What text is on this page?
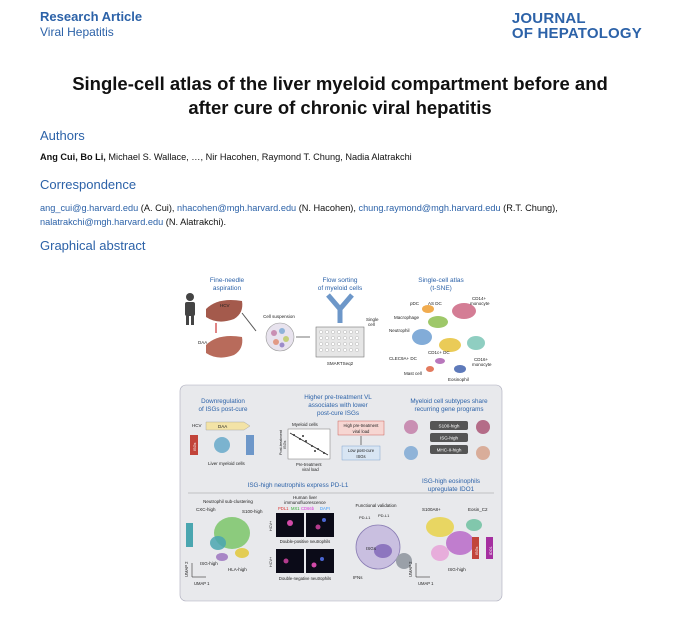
Research Article
Viral Hepatitis
JOURNAL
OF HEPATOLOGY
Single-cell atlas of the liver myeloid compartment before and
after cure of chronic viral hepatitis
Authors
Ang Cui, Bo Li, Michael S. Wallace, …, Nir Hacohen, Raymond T. Chung, Nadia Alatrakchi
Correspondence
ang_cui@g.harvard.edu (A. Cui), nhacohen@mgh.harvard.edu (N. Hacohen), chung.raymond@mgh.harvard.edu (R.T. Chung), nalatrakchi@mgh.harvard.edu (N. Alatrakchi).
Graphical abstract
Fine-needle
aspiration
HCV
DAA
Cell suspension
Flow sorting
of myeloid cells
Single
cell
SMARTSeq2
Single-cell atlas
(t-SNE)
pDC AS DC
CD14+
monocyte
Macrophage
Neutrophil
CD1c+ DC
CLEC9A+ DC	CD16+
monocyte
Mast cell
Eosinophil
Downregulation
of ISGs post-cure
HCV	DAA
ISGs
Liver myeloid cells
Higher pre-treatment VL
associates with lower
post-cure ISGs
Myeloid cells
Post-treatment ISGs
Pre-treatment
viral load
High pre-treatment
viral load
Low post-cure
ISGs
Myeloid cell subtypes share
recurring gene programs
S100-high
ISG-high
MHC-II-high
ISG-high neutrophils express PD-L1
ISG-high eosinophils
upregulate IDO1
Neutrophil sub-clustering
CXC-high	S100-high
ISG-high
HLA-high
UMAP 1
UMAP 2
Human liver
immunofluorescence
PDL1 MX1 CD66b DAPI
HCV+
Double-positive neutrophils
HCV+
Double-negative neutrophils
Functional validation
PD-L1 PD-L1
ISGs
IFNs
S100A8+	Eosin_C2
ISG-high
IDO1
ISGs
UMAP 1
UMAP 2
